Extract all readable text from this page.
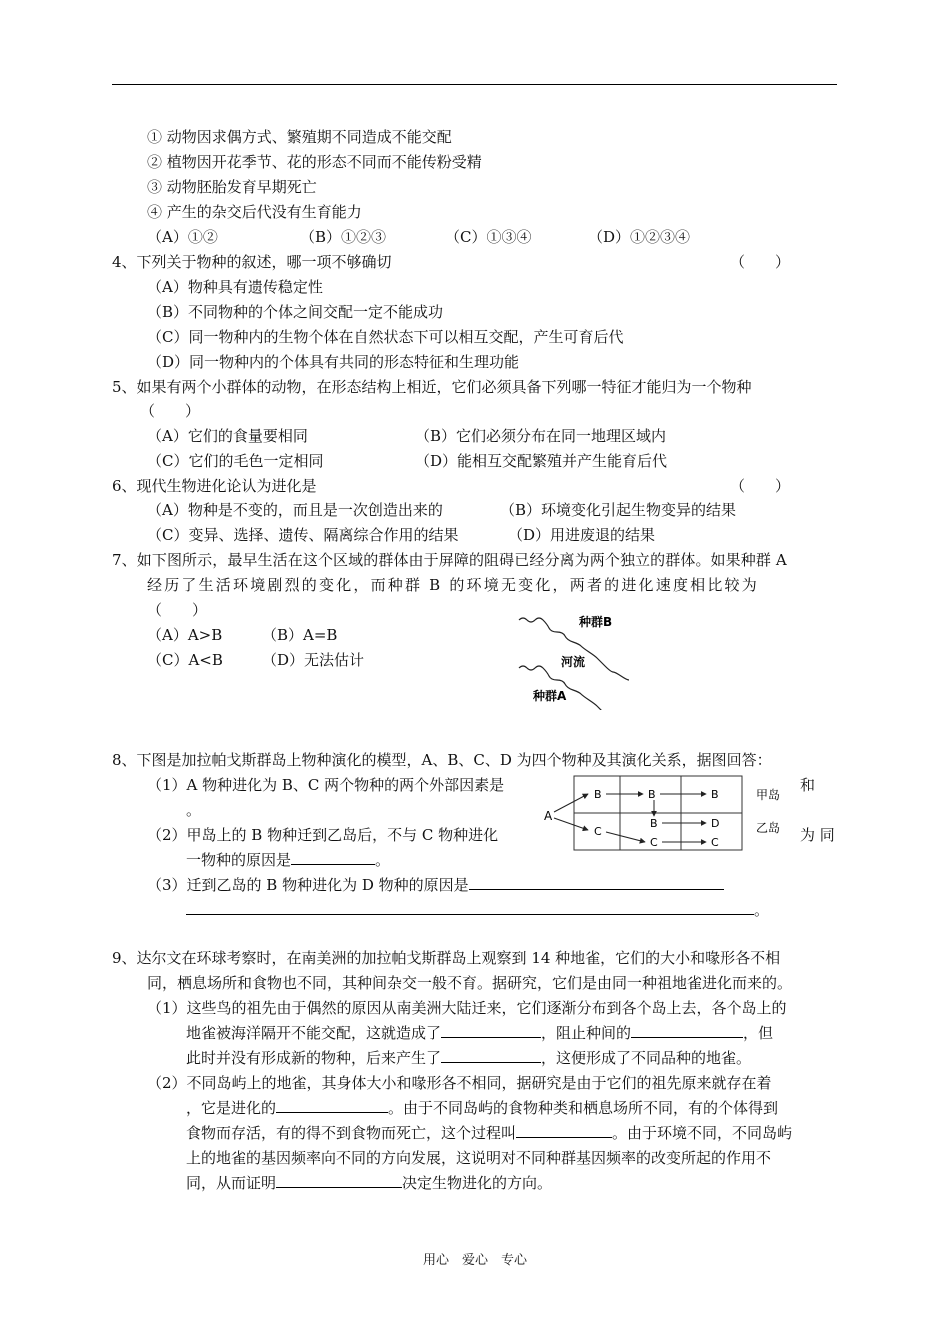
① 动物因求偶方式、繁殖期不同造成不能交配
② 植物因开花季节、花的形态不同而不能传粉受精
③ 动物胚胎发育早期死亡
④ 产生的杂交后代没有生育能力
（A）①②	（B）①②③	（C）①③④	（D）①②③④
4、下列关于物种的叙述，哪一项不够确切	（　　）
（A）物种具有遗传稳定性
（B）不同物种的个体之间交配一定不能成功
（C）同一物种内的生物个体在自然状态下可以相互交配，产生可育后代
（D）同一物种内的个体具有共同的形态特征和生理功能
5、如果有两个小群体的动物，在形态结构上相近，它们必须具备下列哪一特征才能归为一个物种
（　　）
（A）它们的食量要相同	（B）它们必须分布在同一地理区域内
（C）它们的毛色一定相同	（D）能相互交配繁殖并产生能育后代
6、现代生物进化论认为进化是	（　　）
（A）物种是不变的，而且是一次创造出来的	（B）环境变化引起生物变异的结果
（C）变异、选择、遗传、隔离综合作用的结果	（D）用进废退的结果
7、如下图所示，最早生活在这个区域的群体由于屏障的阻碍已经分离为两个独立的群体。如果种群 A
经历了生活环境剧烈的变化，而种群 B 的环境无变化，两者的进化速度相比较为
（　　）
（A）A>B	（B）A=B
（C）A<B	（D）无法估计
种群B
河流
种群A
8、下图是加拉帕戈斯群岛上物种演化的模型，A、B、C、D 为四个物种及其演化关系，据图回答：
（1）A 物种进化为 B、C 两个物种的两个外部因素是	和
。
（2）甲岛上的 B 物种迁到乙岛后，不与 C 物种进化	为 同
一物种的原因是	。
（3）迁到乙岛的 B 物种进化为 D 物种的原因是
。
A
B
C
B	B
B
C
D
C
甲岛
乙岛
9、达尔文在环球考察时，在南美洲的加拉帕戈斯群岛上观察到 14 种地雀，它们的大小和喙形各不相
同，栖息场所和食物也不同，其种间杂交一般不育。据研究，它们是由同一种祖地雀进化而来的。
（1）这些鸟的祖先由于偶然的原因从南美洲大陆迁来，它们逐渐分布到各个岛上去，各个岛上的
地雀被海洋隔开不能交配，这就造成了	，阻止种间的	，但
此时并没有形成新的物种，后来产生了	，这便形成了不同品种的地雀。
（2）不同岛屿上的地雀，其身体大小和喙形各不相同，据研究是由于它们的祖先原来就存在着
，它是进化的	。由于不同岛屿的食物种类和栖息场所不同，有的个体得到
食物而存活，有的得不到食物而死亡，这个过程叫	。由于环境不同，不同岛屿
上的地雀的基因频率向不同的方向发展，这说明对不同种群基因频率的改变所起的作用不
同，从而证明	决定生物进化的方向。
用心　爱心　专心
